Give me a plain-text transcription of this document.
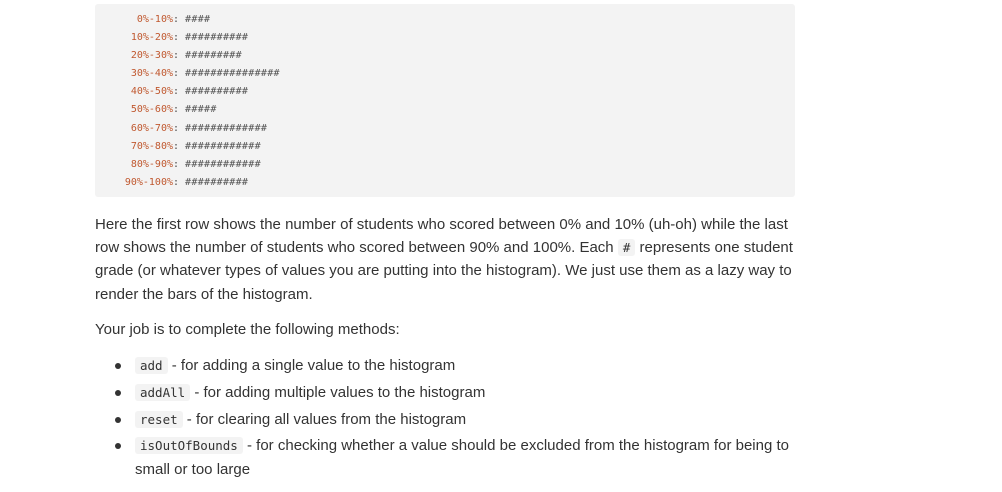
0%-10%: ####
10%-20%: ##########
20%-30%: #########
30%-40%: ###############
40%-50%: ##########
50%-60%: #####
60%-70%: #############
70%-80%: ############
80%-90%: ############
90%-100%: ##########

Here the first row shows the number of students who scored between 0% and 10% (uh-oh) while the last row shows the number of students who scored between 90% and 100%. Each # represents one student grade (or whatever types of values you are putting into the histogram). We just use them as a lazy way to render the bars of the histogram.

Your job is to complete the following methods:

add - for adding a single value to the histogram
addAll - for adding multiple values to the histogram
reset - for clearing all values from the histogram
isOutOfBounds - for checking whether a value should be excluded from the histogram for being to small or too large
